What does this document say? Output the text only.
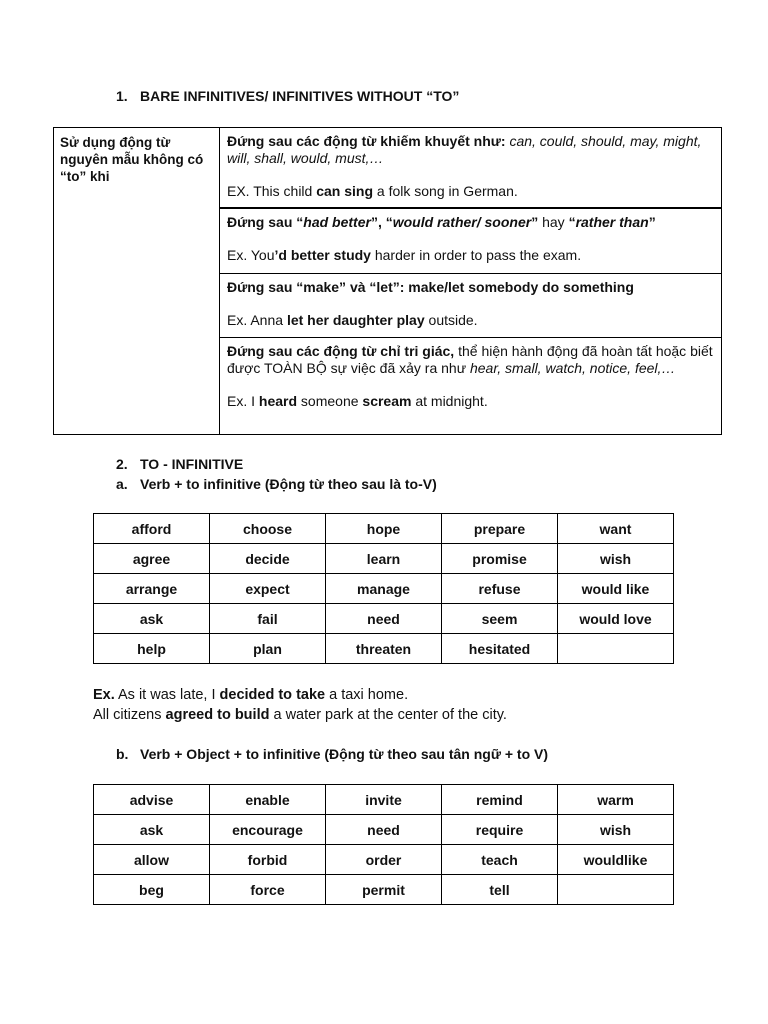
1. BARE INFINITIVES/ INFINITIVES WITHOUT “TO”
Sử dụng động từ nguyên mẫu không có “to” khi
Đứng sau các động từ khiếm khuyết như: can, could, should, may, might, will, shall, would, must,…
EX. This child can sing a folk song in German.
Đứng sau “had better”, “would rather/ sooner” hay “rather than”
Ex. You’d better study harder in order to pass the exam.
Đứng sau “make” và “let”: make/let somebody do something
Ex. Anna let her daughter play outside.
Đứng sau các động từ chỉ tri giác, thể hiện hành động đã hoàn tất hoặc biết được TOÀN BỘ sự việc đã xảy ra như hear, small, watch, notice, feel,…
Ex. I heard someone scream at midnight.
2. TO - INFINITIVE
a. Verb + to infinitive (Động từ theo sau là to-V)
afford	choose	hope	prepare	want
agree	decide	learn	promise	wish
arrange	expect	manage	refuse	would like
ask	fail	need	seem	would love
help	plan	threaten	hesitated	
Ex. As it was late, I decided to take a taxi home.
All citizens agreed to build a water park at the center of the city.
b. Verb + Object + to infinitive (Động từ theo sau tân ngữ + to V)
advise	enable	invite	remind	warm
ask	encourage	need	require	wish
allow	forbid	order	teach	wouldlike
beg	force	permit	tell	
